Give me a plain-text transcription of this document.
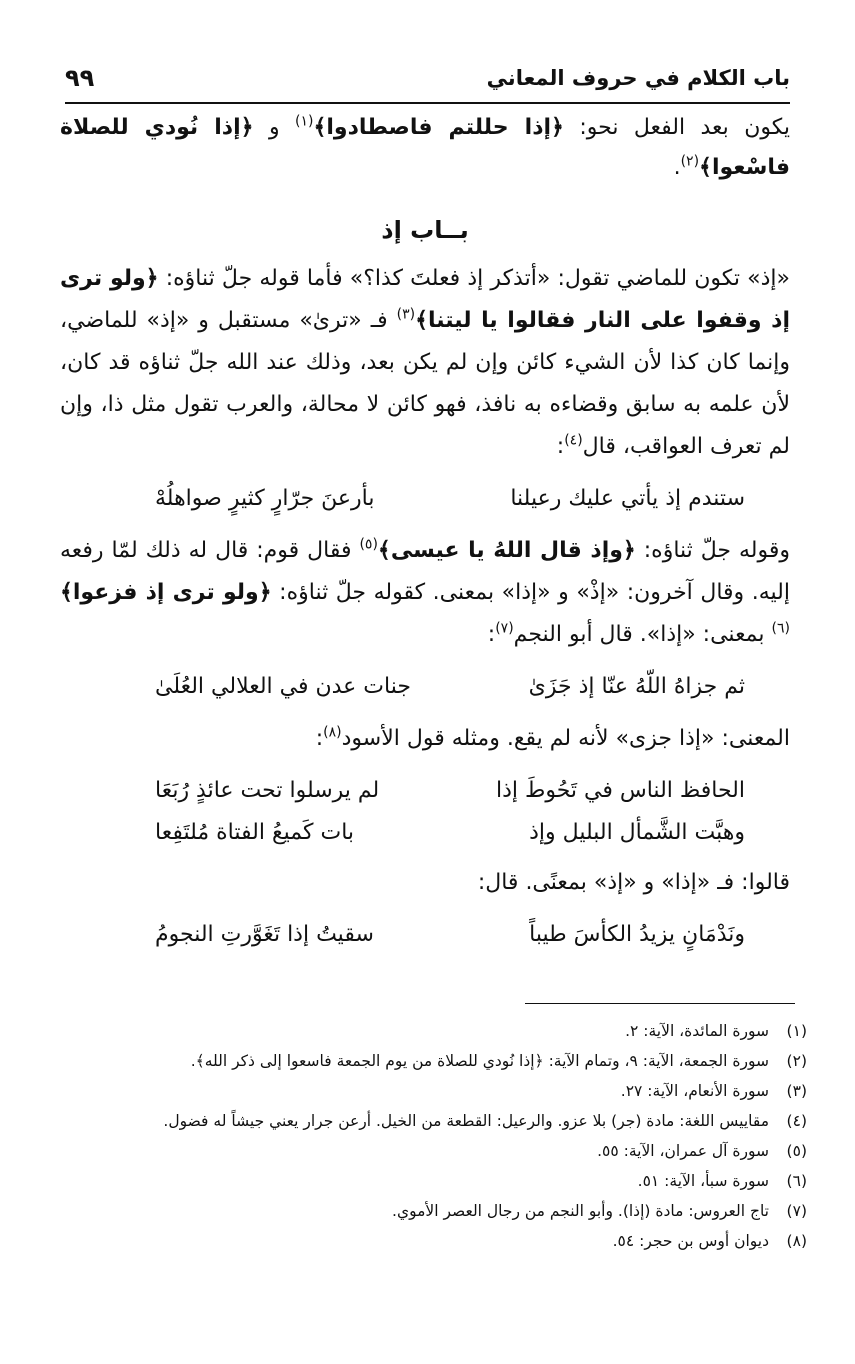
باب الكلام في حروف المعاني
٩٩

يكون بعد الفعل نحو: ﴿إذا حللتم فاصطادوا﴾$^{(١)}$ و ﴿إذا نُودي للصلاة فاسْعوا﴾$^{(٢)}$.

بــاب إذ

«إذ» تكون للماضي تقول: «أتذكر إذ فعلتَ كذا؟» فأما قوله جلّ ثناؤه: ﴿ولو ترى إذ وقفوا على النار فقالوا يا ليتنا﴾$^{(٣)}$ فـ «ترىٰ» مستقبل و «إذ» للماضي، وإنما كان كذا لأن الشيء كائن وإن لم يكن بعد، وذلك عند الله جلّ ثناؤه قد كان، لأن علمه به سابق وقضاءه به نافذ، فهو كائن لا محالة، والعرب تقول مثل ذا، وإن لم تعرف العواقب، قال$^{(٤)}$:

ستندم إذ يأتي عليك رعيلنا
بأرعنَ جرّارٍ كثيرٍ صواهلُهْ

وقوله جلّ ثناؤه: ﴿وإذ قال اللهُ يا عيسى﴾$^{(٥)}$ فقال قوم: قال له ذلك لمّا رفعه إليه. وقال آخرون: «إذْ» و «إذا» بمعنى. كقوله جلّ ثناؤه: ﴿ولو ترى إذ فزعوا﴾$^{(٦)}$ بمعنى: «إذا». قال أبو النجم$^{(٧)}$:

ثم جزاهُ اللّهُ عنّا إذ جَزَىٰ
جنات عدن في العلالي العُلَىٰ

المعنى: «إذا جزى» لأنه لم يقع. ومثله قول الأسود$^{(٨)}$:

الحافظ الناس في تَحُوطَ إذا
لم يرسلوا تحت عائذٍ رُبَعَا
وهبَّت الشَّمأل البليل وإذ
بات كَميعُ الفتاة مُلتَفِعا

قالوا: فـ «إذا» و «إذ» بمعنًى. قال:

ونَدْمَانٍ يزيدُ الكأسَ طيباً
سقيتُ إذا تَغَوَّرتِ النجومُ
(١)
سورة المائدة، الآية: ٢.
(٢)
سورة الجمعة، الآية: ٩، وتمام الآية: ﴿إذا نُودي للصلاة من يوم الجمعة فاسعوا إلى ذكر الله﴾.
(٣)
سورة الأنعام، الآية: ٢٧.
(٤)
مقاييس اللغة: مادة (جر) بلا عزو. والرعيل: القطعة من الخيل. أرعن جرار يعني جيشاً له فضول.
(٥)
سورة آل عمران، الآية: ٥٥.
(٦)
سورة سبأ، الآية: ٥١.
(٧)
تاج العروس: مادة (إذا). وأبو النجم من رجال العصر الأموي.
(٨)
ديوان أوس بن حجر: ٥٤.
